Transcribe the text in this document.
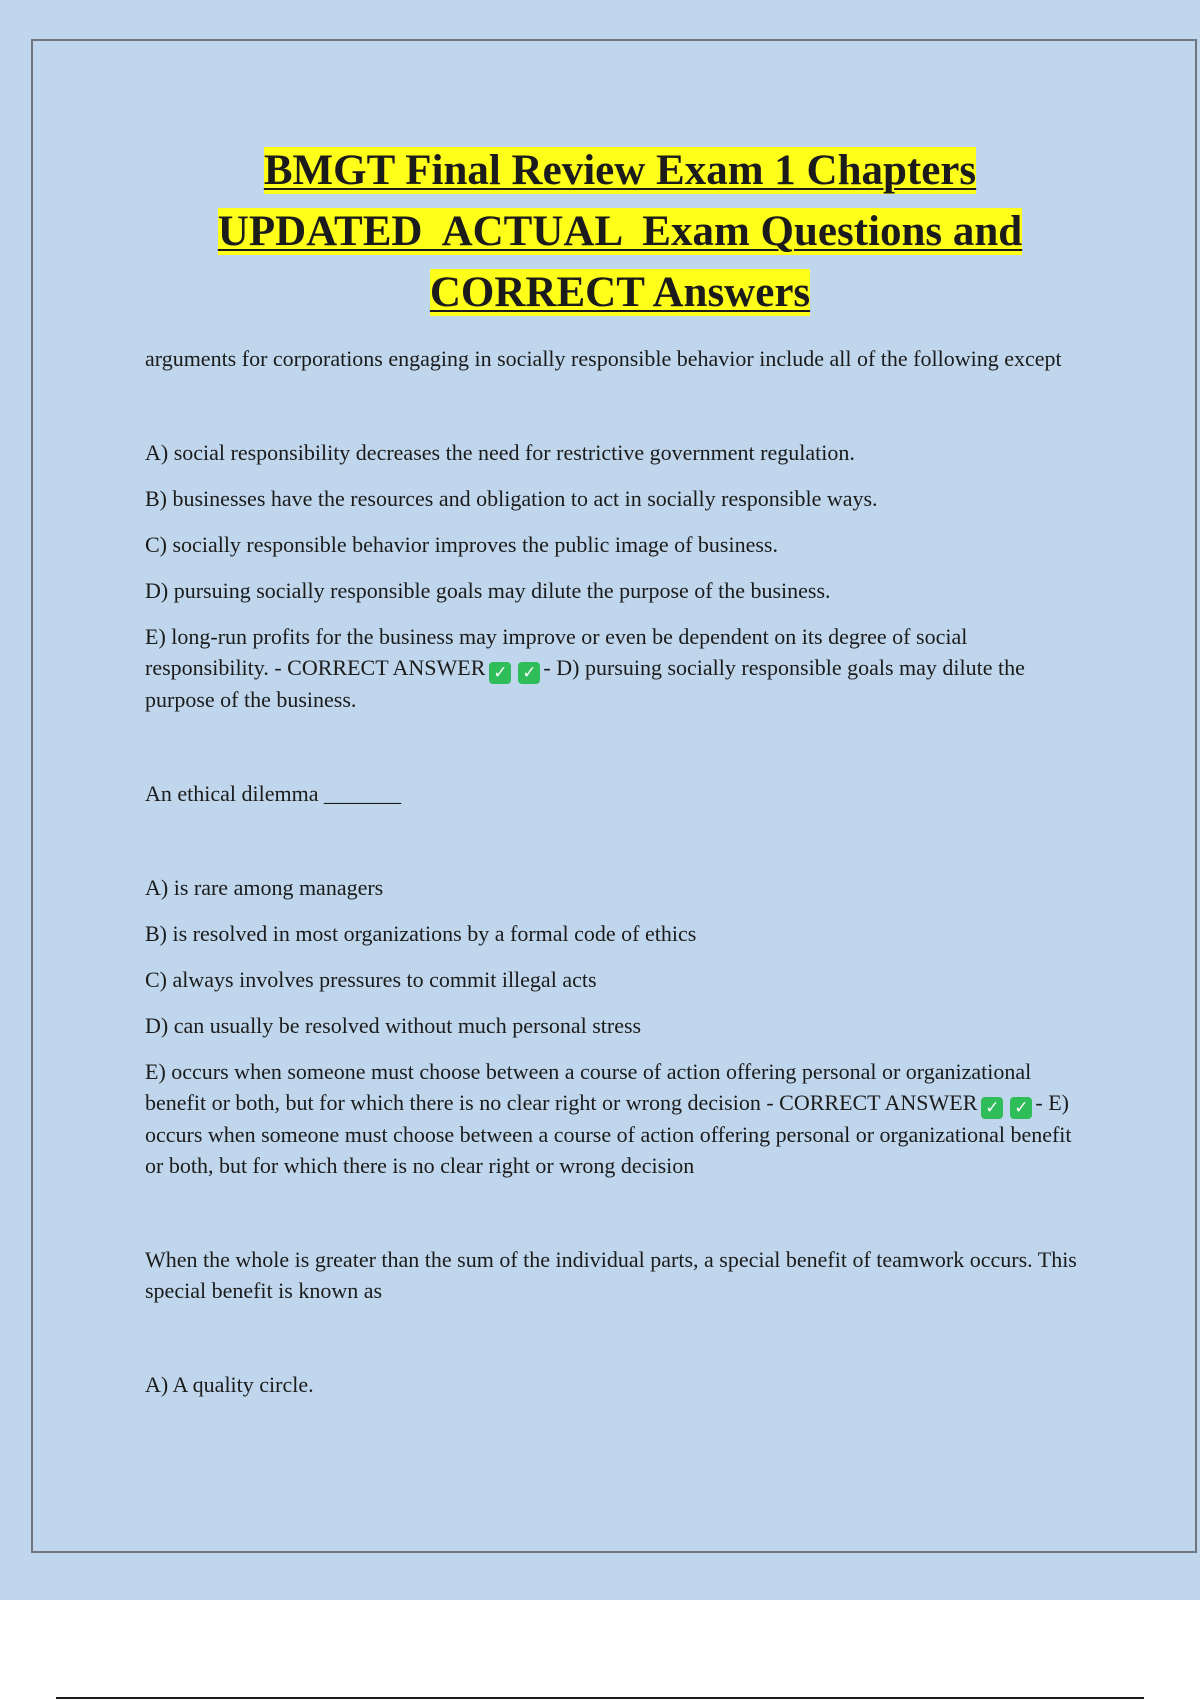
BMGT Final Review Exam 1 Chapters
UPDATED  ACTUAL  Exam Questions and
CORRECT Answers

arguments for corporations engaging in socially responsible behavior include all of the following except

A) social responsibility decreases the need for restrictive government regulation.

B) businesses have the resources and obligation to act in socially responsible ways.

C) socially responsible behavior improves the public image of business.

D) pursuing socially responsible goals may dilute the purpose of the business.

E) long-run profits for the business may improve or even be dependent on its degree of social responsibility. - CORRECT ANSWER ✓ ✓ - D) pursuing socially responsible goals may dilute the purpose of the business.

An ethical dilemma _______

A) is rare among managers

B) is resolved in most organizations by a formal code of ethics

C) always involves pressures to commit illegal acts

D) can usually be resolved without much personal stress

E) occurs when someone must choose between a course of action offering personal or organizational benefit or both, but for which there is no clear right or wrong decision - CORRECT ANSWER ✓ ✓ - E) occurs when someone must choose between a course of action offering personal or organizational benefit or both, but for which there is no clear right or wrong decision

When the whole is greater than the sum of the individual parts, a special benefit of teamwork occurs. This special benefit is known as

A) A quality circle.
